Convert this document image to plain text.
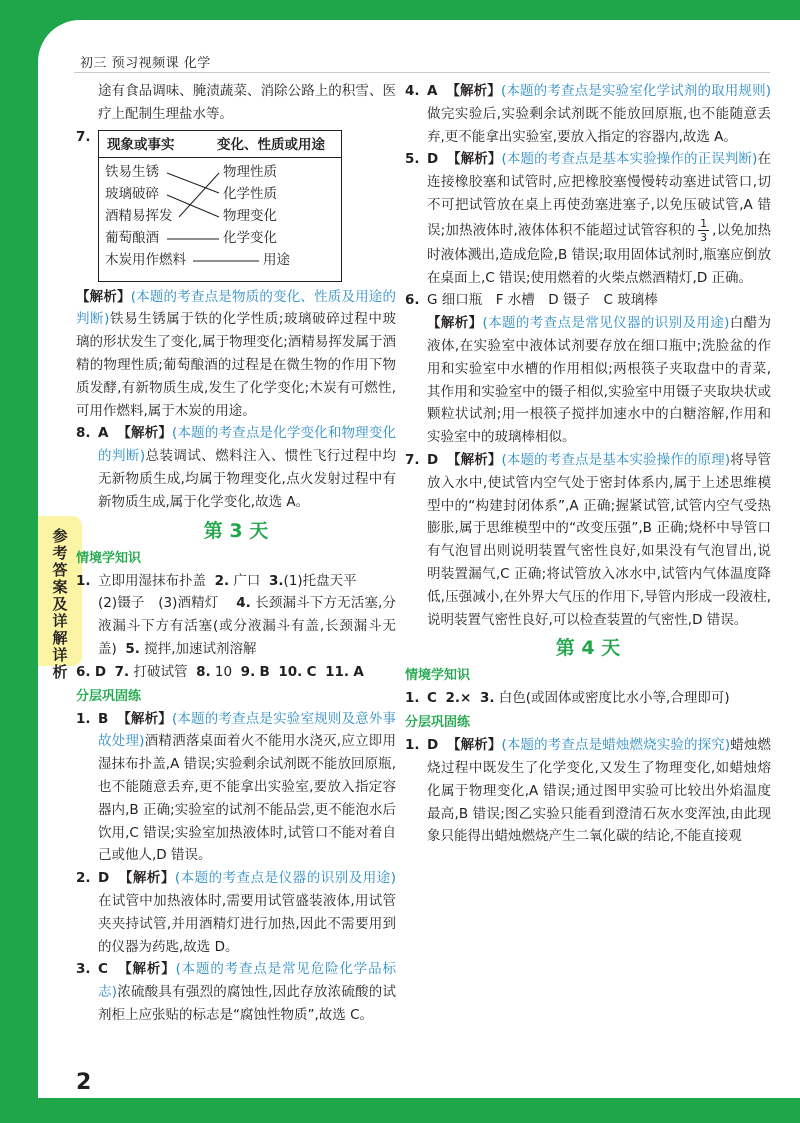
初三 预习视频课 化学
参考答案及详解详析
2

途有食品调味、腌渍蔬菜、消除公路上的积雪、医疗上配制生理盐水等。

7. 现象或事实	变化、性质或用途
铁易生锈
玻璃破碎
酒精易挥发
葡萄酿酒
木炭用作燃料
物理性质
化学性质
物理变化
化学变化
用途

【解析】(本题的考查点是物质的变化、性质及用途的判断)铁易生锈属于铁的化学性质;玻璃破碎过程中玻璃的形状发生了变化,属于物理变化;酒精易挥发属于酒精的物理性质;葡萄酿酒的过程是在微生物的作用下物质发酵,有新物质生成,发生了化学变化;木炭有可燃性,可用作燃料,属于木炭的用途。

8. A 【解析】(本题的考查点是化学变化和物理变化的判断)总装调试、燃料注入、惯性飞行过程中均无新物质生成,均属于物理变化,点火发射过程中有新物质生成,属于化学变化,故选 A。

第 3 天
情境学知识

1. 立即用湿抹布扑盖 2. 广口 3.(1)托盘天平
(2)镊子　(3)酒精灯 4. 长颈漏斗下方无活塞,分液漏斗下方有活塞(或分液漏斗有盖,长颈漏斗无盖) 5. 搅拌,加速试剂溶解

6. D 7. 打破试管 8. 10 9. B 10. C 11. A

分层巩固练

1. B 【解析】(本题的考查点是实验室规则及意外事故处理)酒精洒落桌面着火不能用水浇灭,应立即用湿抹布扑盖,A 错误;实验剩余试剂既不能放回原瓶,也不能随意丢弃,更不能拿出实验室,要放入指定容器内,B 正确;实验室的试剂不能品尝,更不能泡水后饮用,C 错误;实验室加热液体时,试管口不能对着自己或他人,D 错误。

2. D 【解析】(本题的考查点是仪器的识别及用途)在试管中加热液体时,需要用试管盛装液体,用试管夹夹持试管,并用酒精灯进行加热,因此不需要用到的仪器为药匙,故选 D。

3. C 【解析】(本题的考查点是常见危险化学品标志)浓硫酸具有强烈的腐蚀性,因此存放浓硫酸的试剂柜上应张贴的标志是“腐蚀性物质”,故选 C。

4. A 【解析】(本题的考查点是实验室化学试剂的取用规则)做完实验后,实验剩余试剂既不能放回原瓶,也不能随意丢弃,更不能拿出实验室,要放入指定的容器内,故选 A。

5. D 【解析】(本题的考查点是基本实验操作的正误判断)在连接橡胶塞和试管时,应把橡胶塞慢慢转动塞进试管口,切不可把试管放在桌上再使劲塞进塞子,以免压破试管,A 错误;加热液体时,液体体积不能超过试管容积的 $\frac{1}{3}$ ,以免加热时液体溅出,造成危险,B 错误;取用固体试剂时,瓶塞应倒放在桌面上,C 错误;使用燃着的火柴点燃酒精灯,D 正确。

6. G 细口瓶　F 水槽　D 镊子　C 玻璃棒

【解析】(本题的考查点是常见仪器的识别及用途)白醋为液体,在实验室中液体试剂要存放在细口瓶中;洗脸盆的作用和实验室中水槽的作用相似;两根筷子夹取盘中的青菜,其作用和实验室中的镊子相似,实验室中用镊子夹取块状或颗粒状试剂;用一根筷子搅拌加速水中的白糖溶解,作用和实验室中的玻璃棒相似。

7. D 【解析】(本题的考查点是基本实验操作的原理)将导管放入水中,使试管内空气处于密封体系内,属于上述思维模型中的“构建封闭体系”,A 正确;握紧试管,试管内空气受热膨胀,属于思维模型中的“改变压强”,B 正确;烧杯中导管口有气泡冒出则说明装置气密性良好,如果没有气泡冒出,说明装置漏气,C 正确;将试管放入冰水中,试管内气体温度降低,压强减小,在外界大气压的作用下,导管内形成一段液柱,说明装置气密性良好,可以检查装置的气密性,D 错误。

第 4 天
情境学知识

1. C 2.× 3. 白色(或固体或密度比水小等,合理即可)

分层巩固练

1. D 【解析】(本题的考查点是蜡烛燃烧实验的探究)蜡烛燃烧过程中既发生了化学变化,又发生了物理变化,如蜡烛熔化属于物理变化,A 错误;通过图甲实验可比较出外焰温度最高,B 错误;图乙实验只能看到澄清石灰水变浑浊,由此现象只能得出蜡烛燃烧产生二氧化碳的结论,不能直接观
